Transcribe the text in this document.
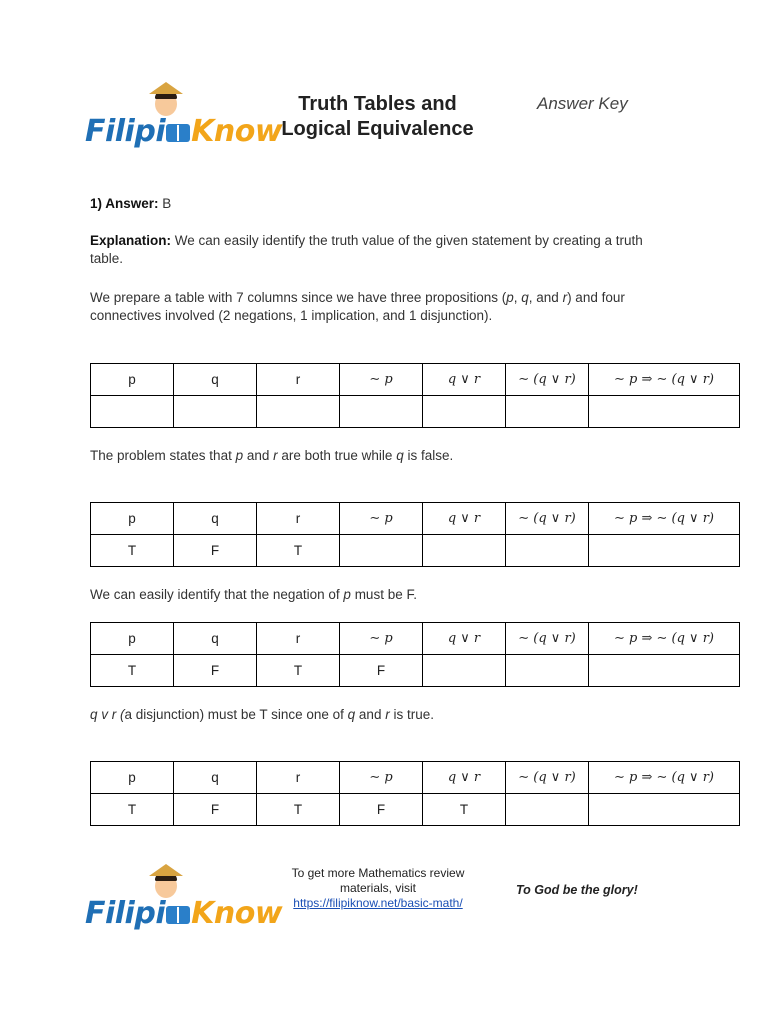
Filipi Know
Truth Tables and Logical Equivalence
Answer Key
1) Answer: B
Explanation: We can easily identify the truth value of the given statement by creating a truth table.
We prepare a table with 7 columns since we have three propositions (p, q, and r) and four connectives involved (2 negations, 1 implication, and 1 disjunction).
p	q	r	∼ p	q ∨ r	∼ (q ∨ r)	∼ p ⇒ ∼ (q ∨ r)

The problem states that p and r are both true while q is false.
p	q	r	∼ p	q ∨ r	∼ (q ∨ r)	∼ p ⇒ ∼ (q ∨ r)
T	F	T				
We can easily identify that the negation of p must be F.
p	q	r	∼ p	q ∨ r	∼ (q ∨ r)	∼ p ⇒ ∼ (q ∨ r)
T	F	T	F			
q v r (a disjunction) must be T since one of q and r is true.
p	q	r	∼ p	q ∨ r	∼ (q ∨ r)	∼ p ⇒ ∼ (q ∨ r)
T	F	T	F	T		
Filipi Know
To get more Mathematics review materials, visit
https://filipiknow.net/basic-math/
To God be the glory!
